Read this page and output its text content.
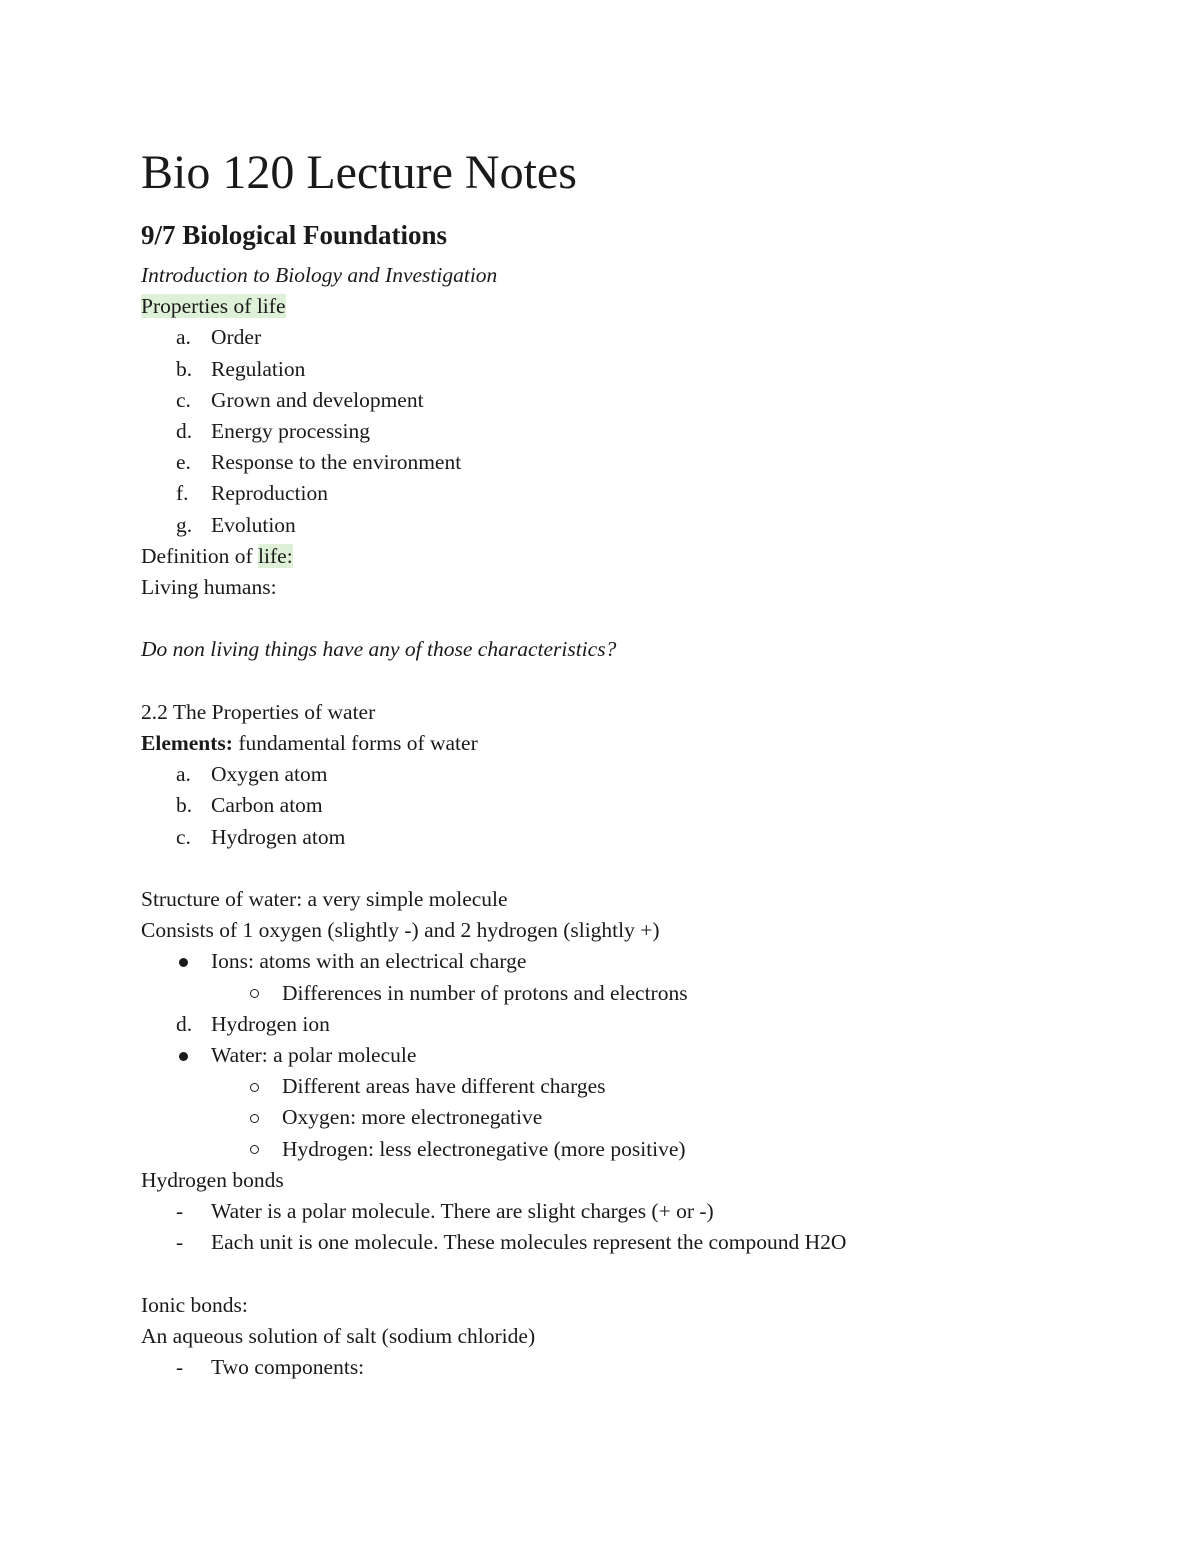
Bio 120 Lecture Notes
9/7 Biological Foundations
Introduction to Biology and Investigation
Properties of life
a. Order
b. Regulation
c. Grown and development
d. Energy processing
e. Response to the environment
f. Reproduction
g. Evolution
Definition of life:
Living humans:
Do non living things have any of those characteristics?
2.2 The Properties of water
Elements: fundamental forms of water
a. Oxygen atom
b. Carbon atom
c. Hydrogen atom
Structure of water: a very simple molecule
Consists of 1 oxygen (slightly -) and 2 hydrogen (slightly +)
Ions: atoms with an electrical charge
Differences in number of protons and electrons
d. Hydrogen ion
Water: a polar molecule
Different areas have different charges
Oxygen: more electronegative
Hydrogen: less electronegative (more positive)
Hydrogen bonds
- Water is a polar molecule. There are slight charges (+ or -)
- Each unit is one molecule. These molecules represent the compound H2O
Ionic bonds:
An aqueous solution of salt (sodium chloride)
- Two components:
